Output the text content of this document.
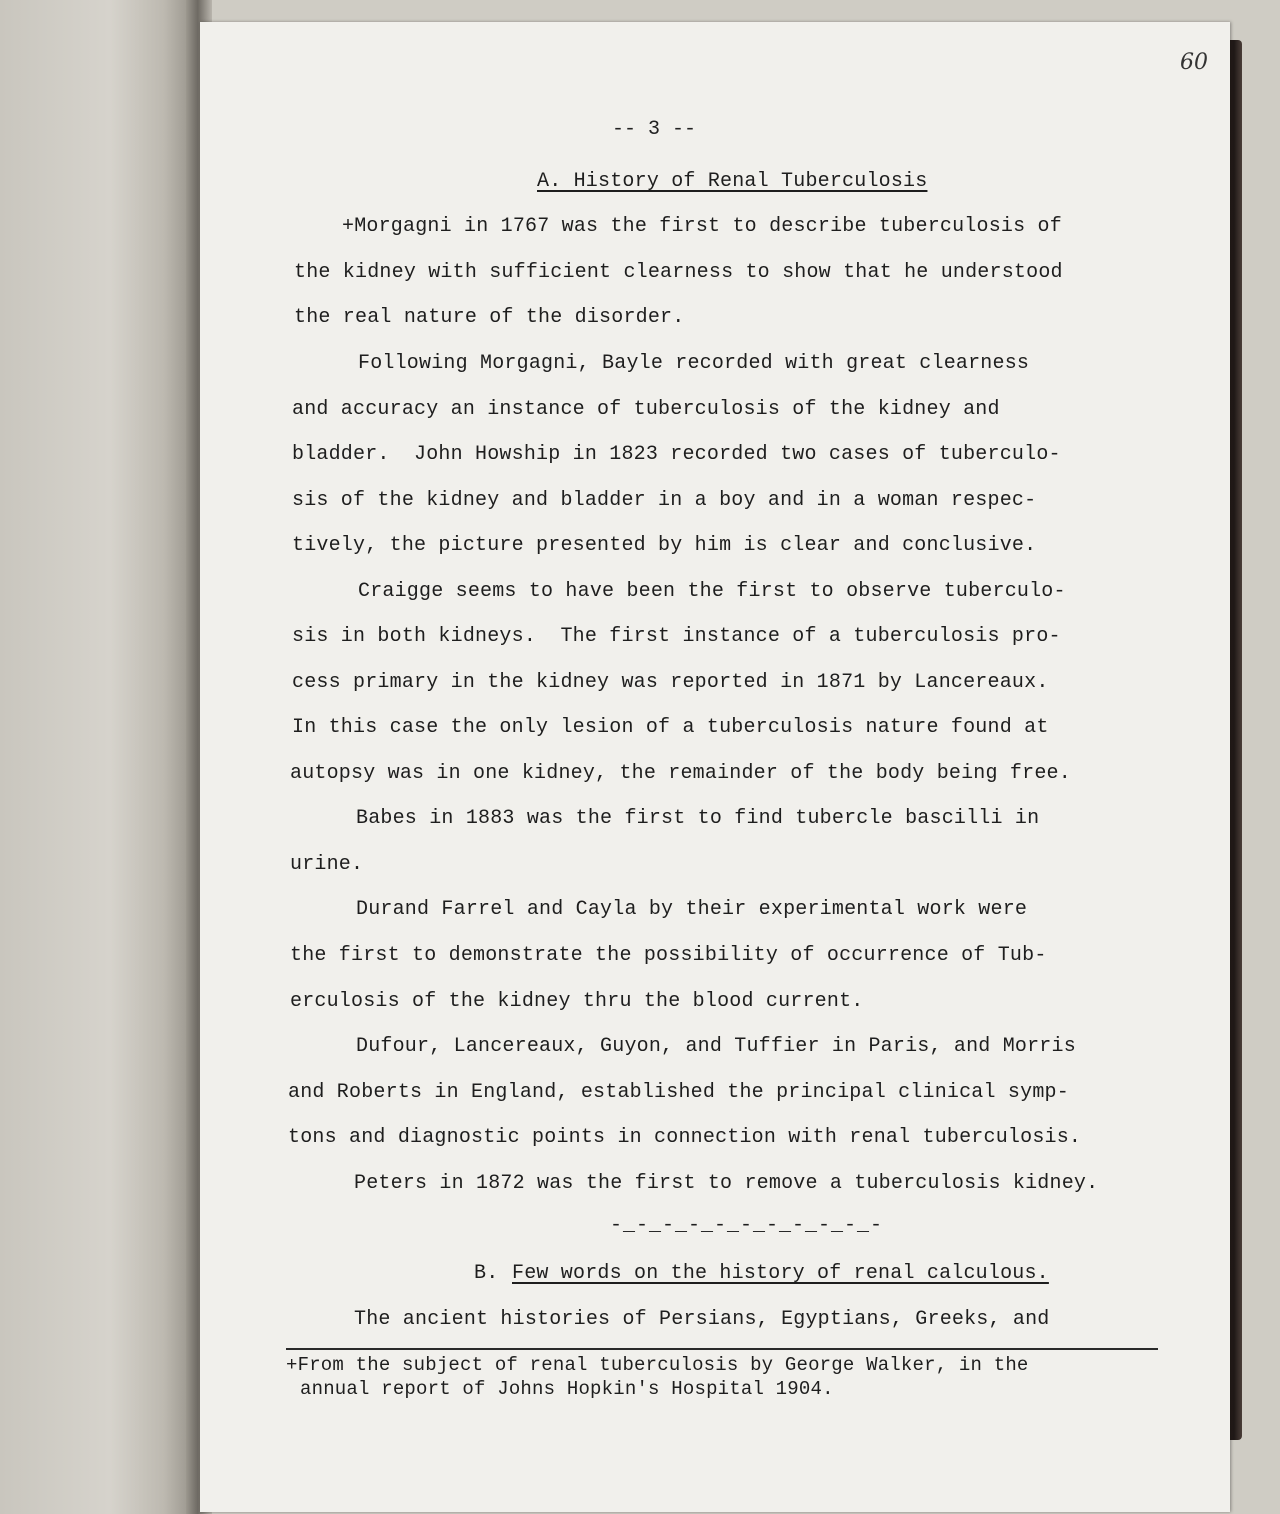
60
-- 3 --
A. History of Renal Tuberculosis
+Morgagni in 1767 was the first to describe tuberculosis of
the kidney with sufficient clearness to show that he understood
the real nature of the disorder.
Following Morgagni, Bayle recorded with great clearness
and accuracy an instance of tuberculosis of the kidney and
bladder.  John Howship in 1823 recorded two cases of tuberculo-
sis of the kidney and bladder in a boy and in a woman respec-
tively, the picture presented by him is clear and conclusive.
Craigge seems to have been the first to observe tuberculo-
sis in both kidneys.  The first instance of a tuberculosis pro-
cess primary in the kidney was reported in 1871 by Lancereaux.
In this case the only lesion of a tuberculosis nature found at
autopsy was in one kidney, the remainder of the body being free.
Babes in 1883 was the first to find tubercle bascilli in
urine.
Durand Farrel and Cayla by their experimental work were
the first to demonstrate the possibility of occurrence of Tub-
erculosis of the kidney thru the blood current.
Dufour, Lancereaux, Guyon, and Tuffier in Paris, and Morris
and Roberts in England, established the principal clinical symp-
tons and diagnostic points in connection with renal tuberculosis.
Peters in 1872 was the first to remove a tuberculosis kidney.
-_-_-_-_-_-_-_-_-_-_-
B. Few words on the history of renal calculous.
The ancient histories of Persians, Egyptians, Greeks, and
+From the subject of renal tuberculosis by George Walker, in the
annual report of Johns Hopkin's Hospital 1904.
